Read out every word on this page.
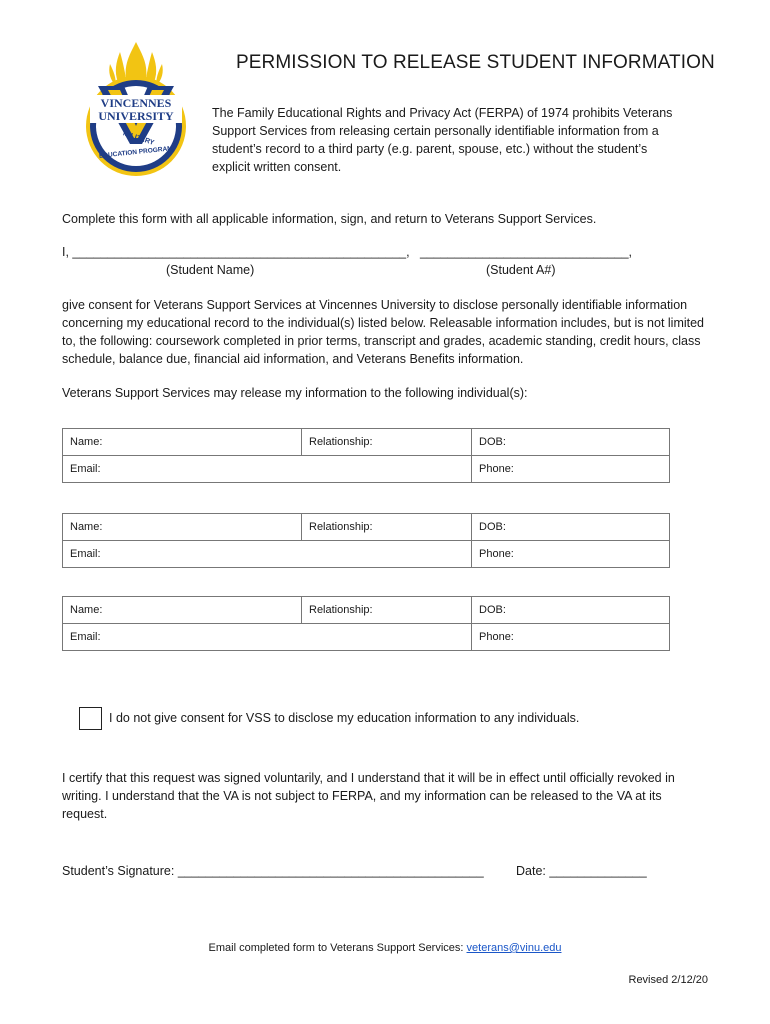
VINCENNES
UNIVERSITY
MILITARY
EDUCATION PROGRAM
PERMISSION TO RELEASE STUDENT INFORMATION
The Family Educational Rights and Privacy Act (FERPA) of 1974 prohibits Veterans Support Services from releasing certain personally identifiable information from a student’s record to a third party (e.g. parent, spouse, etc.) without the student’s explicit written consent.
Complete this form with all applicable information, sign, and return to Veterans Support Services.
I, ________________________________________________, ______________________________,
(Student Name)	(Student A#)
give consent for Veterans Support Services at Vincennes University to disclose personally identifiable information concerning my educational record to the individual(s) listed below. Releasable information includes, but is not limited to, the following: coursework completed in prior terms, transcript and grades, academic standing, credit hours, class schedule, balance due, financial aid information, and Veterans Benefits information.
Veterans Support Services may release my information to the following individual(s):
Name:	Relationship:	DOB:
Email:		Phone:
Name:	Relationship:	DOB:
Email:		Phone:
Name:	Relationship:	DOB:
Email:		Phone:
I do not give consent for VSS to disclose my education information to any individuals.
I certify that this request was signed voluntarily, and I understand that it will be in effect until officially revoked in writing. I understand that the VA is not subject to FERPA, and my information can be released to the VA at its request.
Student’s Signature: ____________________________________________	Date: ______________
Email completed form to Veterans Support Services: veterans@vinu.edu
Revised 2/12/20
